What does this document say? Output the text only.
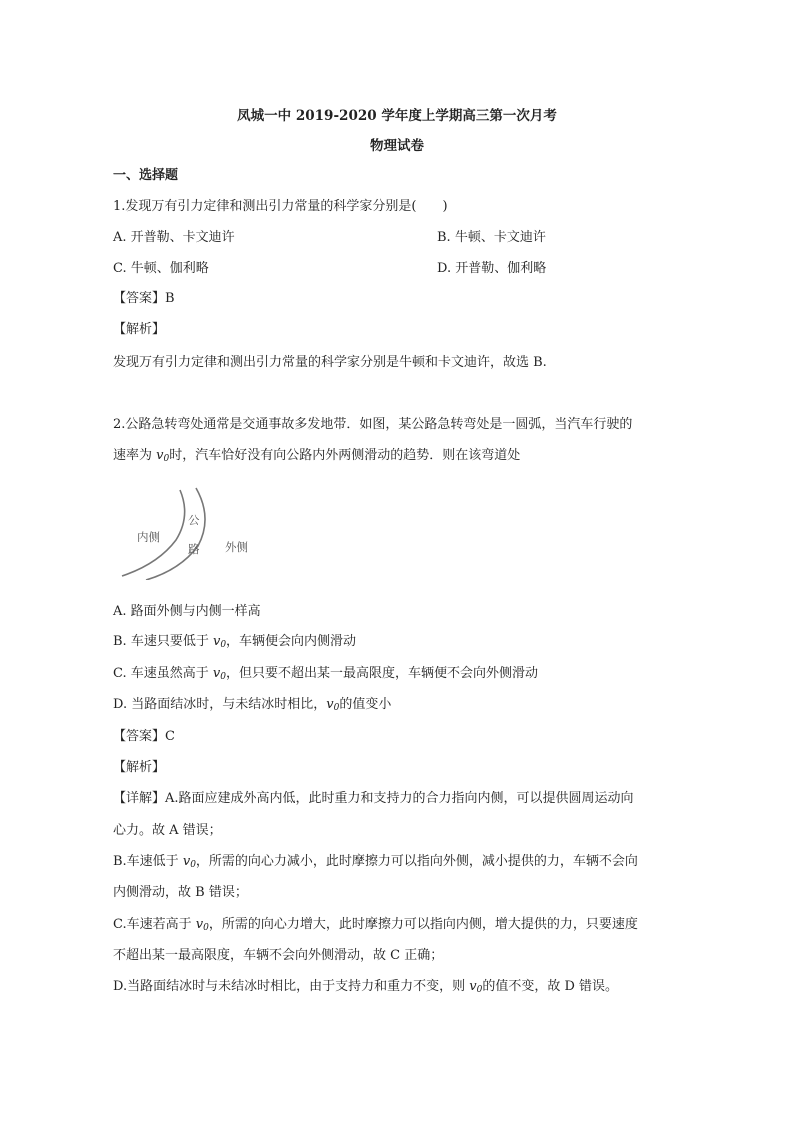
凤城一中 2019-2020 学年度上学期高三第一次月考
物理试卷
一、选择题
1.发现万有引力定律和测出引力常量的科学家分别是(　　)
A. 开普勒、卡文迪许	B. 牛顿、卡文迪许
C. 牛顿、伽利略	D. 开普勒、伽利略
【答案】B
【解析】
发现万有引力定律和测出引力常量的科学家分别是牛顿和卡文迪许，故选 B.
2.公路急转弯处通常是交通事故多发地带．如图，某公路急转弯处是一圆弧，当汽车行驶的
速率为 $v_0$时，汽车恰好没有向公路内外两侧滑动的趋势．则在该弯道处
内侧
公
路 外侧
A. 路面外侧与内侧一样高
B. 车速只要低于 $v_0$，车辆便会向内侧滑动
C. 车速虽然高于 $v_0$，但只要不超出某一最高限度，车辆便不会向外侧滑动
D. 当路面结冰时，与未结冰时相比，$v_0$的值变小
【答案】C
【解析】
【详解】A.路面应建成外高内低，此时重力和支持力的合力指向内侧，可以提供圆周运动向
心力。故 A 错误；
B.车速低于 $v_0$，所需的向心力减小，此时摩擦力可以指向外侧，减小提供的力，车辆不会向
内侧滑动，故 B 错误；
C.车速若高于 $v_0$，所需的向心力增大，此时摩擦力可以指向内侧，增大提供的力，只要速度
不超出某一最高限度，车辆不会向外侧滑动，故 C 正确；
D.当路面结冰时与未结冰时相比，由于支持力和重力不变，则 $v_0$的值不变，故 D 错误。
